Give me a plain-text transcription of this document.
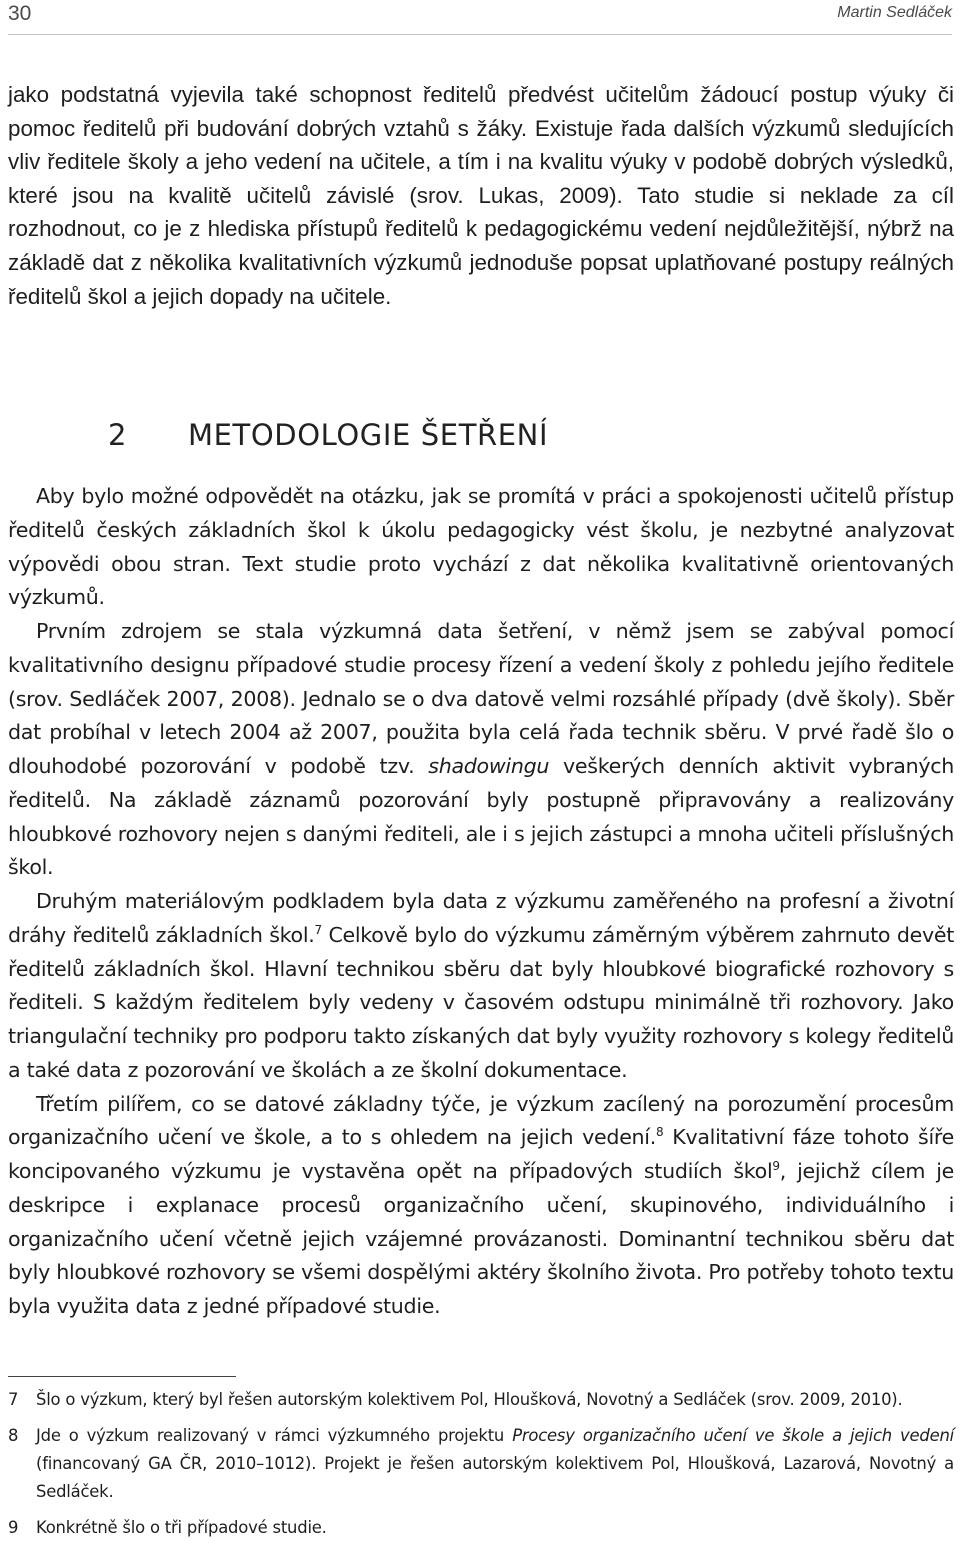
30	Martin Sedláček

jako podstatná vyjevila také schopnost ředitelů předvést učitelům žádoucí postup výuky či pomoc ředitelů při budování dobrých vztahů s žáky. Existuje řada dalších výzkumů sledujících vliv ředitele školy a jeho vedení na učitele, a tím i na kvalitu výuky v podobě dobrých výsledků, které jsou na kvalitě učitelů závislé (srov. Lukas, 2009). Tato studie si neklade za cíl rozhodnout, co je z hlediska přístupů ředitelů k pedagogickému vedení nejdůležitější, nýbrž na základě dat z několika kvalitativních výzkumů jednoduše popsat uplatňované postupy reálných ředitelů škol a jejich dopady na učitele.

2 METODOLOGIE ŠETŘENÍ

Aby bylo možné odpovědět na otázku, jak se promítá v práci a spokojenosti učitelů přístup ředitelů českých základních škol k úkolu pedagogicky vést školu, je nezbytné analyzovat výpovědi obou stran. Text studie proto vychází z dat několika kvalitativně orientovaných výzkumů.

Prvním zdrojem se stala výzkumná data šetření, v němž jsem se zabýval pomocí kvalitativního designu případové studie procesy řízení a vedení školy z pohledu jejího ředitele (srov. Sedláček 2007, 2008). Jednalo se o dva datově velmi rozsáhlé případy (dvě školy). Sběr dat probíhal v letech 2004 až 2007, použita byla celá řada technik sběru. V prvé řadě šlo o dlouhodobé pozorování v podobě tzv. shadowingu veškerých denních aktivit vybraných ředitelů. Na základě záznamů pozorování byly postupně připravovány a realizovány hloubkové rozhovory nejen s danými řediteli, ale i s jejich zástupci a mnoha učiteli příslušných škol.

Druhým materiálovým podkladem byla data z výzkumu zaměřeného na profesní a životní dráhy ředitelů základních škol.$^7$ Celkově bylo do výzkumu záměrným výběrem zahrnuto devět ředitelů základních škol. Hlavní technikou sběru dat byly hloubkové biografické rozhovory s řediteli. S každým ředitelem byly vedeny v časovém odstupu minimálně tři rozhovory. Jako triangulační techniky pro podporu takto získaných dat byly využity rozhovory s kolegy ředitelů a také data z pozorování ve školách a ze školní dokumentace.

Třetím pilířem, co se datové základny týče, je výzkum zacílený na porozumění procesům organizačního učení ve škole, a to s ohledem na jejich vedení.$^8$ Kvalitativní fáze tohoto šíře koncipovaného výzkumu je vystavěna opět na případových studiích škol$^9$, jejichž cílem je deskripce i explanace procesů organizačního učení, skupinového, individuálního i organizačního učení včetně jejich vzájemné provázanosti. Dominantní technikou sběru dat byly hloubkové rozhovory se všemi dospělými aktéry školního života. Pro potřeby tohoto textu byla využita data z jedné případové studie.

7 Šlo o výzkum, který byl řešen autorským kolektivem Pol, Hloušková, Novotný a Sedláček (srov. 2009, 2010).
8 Jde o výzkum realizovaný v rámci výzkumného projektu Procesy organizačního učení ve škole a jejich vedení (financovaný GA ČR, 2010–1012). Projekt je řešen autorským kolektivem Pol, Hloušková, Lazarová, Novotný a Sedláček.
9 Konkrétně šlo o tři případové studie.
